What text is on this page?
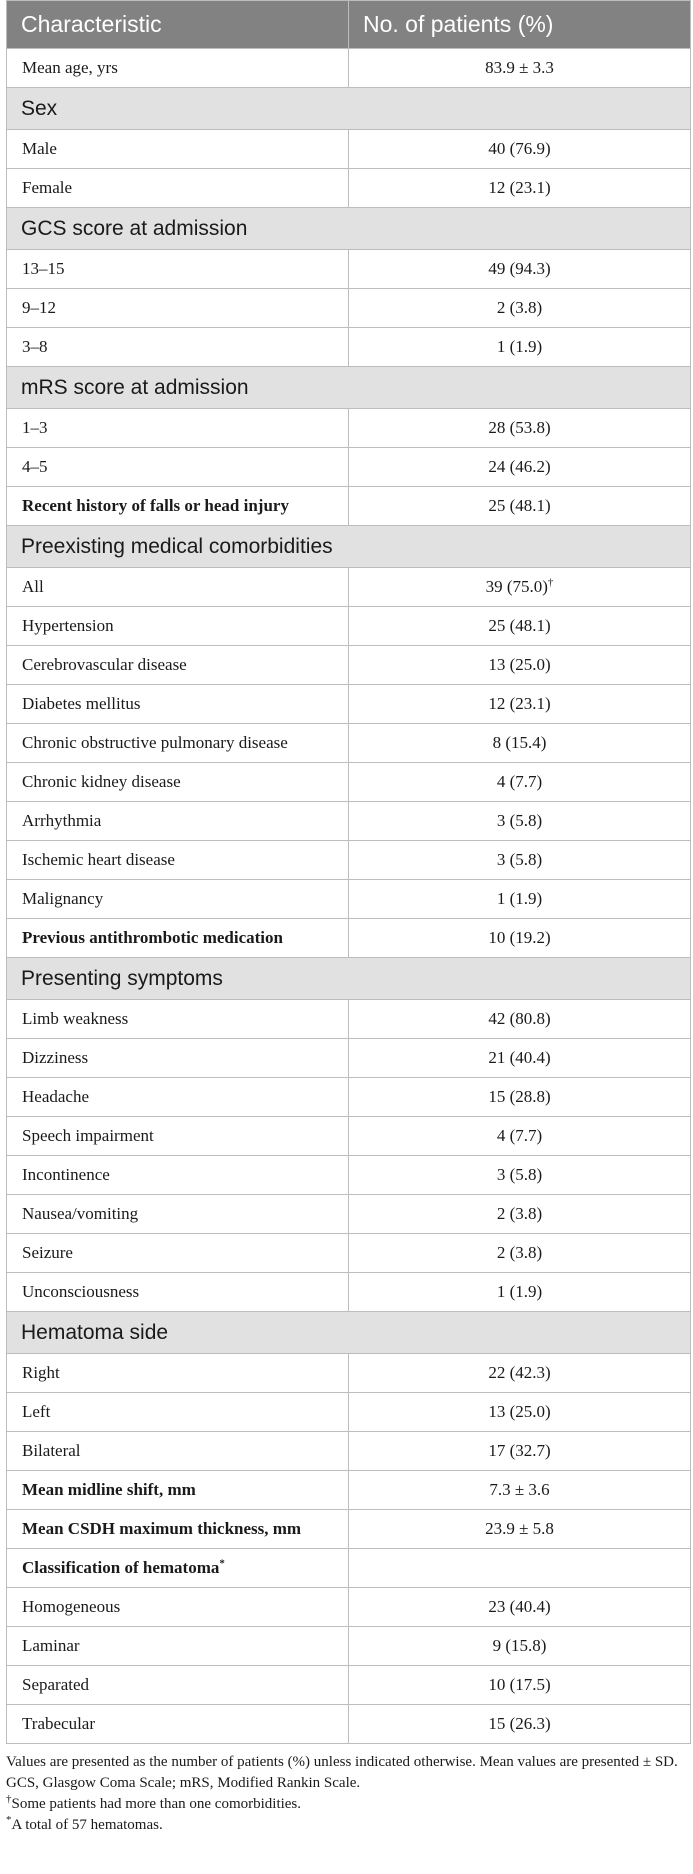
Characteristic	No. of patients (%)
Mean age, yrs	83.9 ± 3.3
Sex	
Male	40 (76.9)
Female	12 (23.1)
GCS score at admission	
13–15	49 (94.3)
9–12	2 (3.8)
3–8	1 (1.9)
mRS score at admission	
1–3	28 (53.8)
4–5	24 (46.2)
Recent history of falls or head injury	25 (48.1)
Preexisting medical comorbidities	
All	39 (75.0)†
Hypertension	25 (48.1)
Cerebrovascular disease	13 (25.0)
Diabetes mellitus	12 (23.1)
Chronic obstructive pulmonary disease	8 (15.4)
Chronic kidney disease	4 (7.7)
Arrhythmia	3 (5.8)
Ischemic heart disease	3 (5.8)
Malignancy	1 (1.9)
Previous antithrombotic medication	10 (19.2)
Presenting symptoms	
Limb weakness	42 (80.8)
Dizziness	21 (40.4)
Headache	15 (28.8)
Speech impairment	4 (7.7)
Incontinence	3 (5.8)
Nausea/vomiting	2 (3.8)
Seizure	2 (3.8)
Unconsciousness	1 (1.9)
Hematoma side	
Right	22 (42.3)
Left	13 (25.0)
Bilateral	17 (32.7)
Mean midline shift, mm	7.3 ± 3.6
Mean CSDH maximum thickness, mm	23.9 ± 5.8
Classification of hematoma*	
Homogeneous	23 (40.4)
Laminar	9 (15.8)
Separated	10 (17.5)
Trabecular	15 (26.3)
Values are presented as the number of patients (%) unless indicated otherwise. Mean values are presented ± SD.
GCS, Glasgow Coma Scale; mRS, Modified Rankin Scale.
†Some patients had more than one comorbidities.
*A total of 57 hematomas.
